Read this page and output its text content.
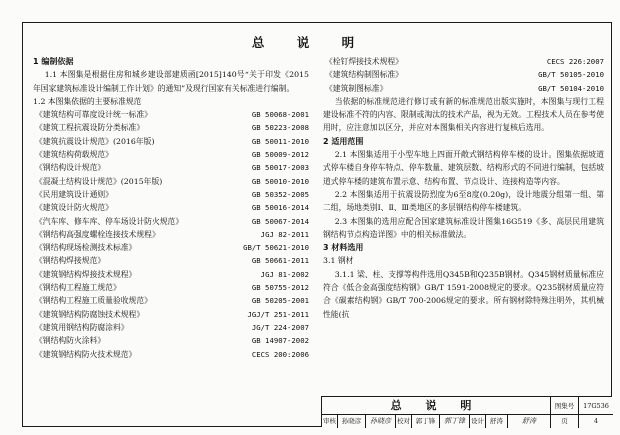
总 说 明
1 编制依据
1.1 本图集是根据住房和城乡建设部建质函[2015]140号“关于印发《2015年国家建筑标准设计编制工作计划》的通知”及现行国家有关标准进行编制。
1.2 本图集依据的主要标准规范
《建筑结构可靠度设计统一标准》	GB 50068-2001
《建筑工程抗震设防分类标准》	GB 50223-2008
《建筑抗震设计规范》(2016年版)	GB 50011-2010
《建筑结构荷载规范》	GB 50009-2012
《钢结构设计规范》	GB 50017-2003
《混凝土结构设计规范》(2015年版)	GB 50010-2010
《民用建筑设计通则》	GB 50352-2005
《建筑设计防火规范》	GB 50016-2014
《汽车库、修车库、停车场设计防火规范》	GB 50067-2014
《钢结构高强度螺栓连接技术规程》	JGJ 82-2011
《钢结构现场检测技术标准》	GB/T 50621-2010
《钢结构焊接规范》	GB 50661-2011
《建筑钢结构焊接技术规程》	JGJ 81-2002
《钢结构工程施工规范》	GB 50755-2012
《钢结构工程施工质量验收规范》	GB 50205-2001
《建筑钢结构防腐蚀技术规程》	JGJ/T 251-2011
《建筑用钢结构防腐涂料》	JG/T 224-2007
《钢结构防火涂料》	GB 14907-2002
《建筑钢结构防火技术规范》	CECS 200:2006
《栓钉焊接技术规程》	CECS 226:2007
《建筑结构制图标准》	GB/T 50105-2010
《建筑制图标准》	GB/T 50104-2010
当依据的标准规范进行修订或有新的标准规范出版实施时，本图集与现行工程建设标准不符的内容、限制或淘汰的技术产品，视为无效。工程技术人员在参考使用时，应注意加以区分，并应对本图集相关内容进行复核后选用。
2 适用范围
2.1 本图集适用于小型车地上四面开敞式钢结构停车楼的设计。图集依据坡道式停车楼自身停车特点、停车数量、建筑层数、结构形式的不同进行编制，包括坡道式停车楼的建筑布置示意、结构布置、节点设计、连接构造等内容。
2.2 本图集适用于抗震设防烈度为6至8度(0.20g)，设计地震分组第一组、第二组，场地类别Ⅰ、Ⅱ、Ⅲ类地区的多层钢结构停车楼建筑。
2.3 本图集的选用应配合国家建筑标准设计图集16G519《多、高层民用建筑钢结构节点构造详图》中的相关标准做法。
3 材料选用
3.1 钢材
3.1.1 梁、柱、支撑等构件选用Q345B和Q235B钢材。Q345钢材质量标准应符合《低合金高强度结构钢》GB/T 1591-2008规定的要求。Q235钢材质量应符合《碳素结构钢》GB/T 700-2006规定的要求。所有钢材除特殊注明外，其机械性能(抗
总 说 明	图集号	17G536
审核 孙晓彦	孙晓彦 校对 郭丁锋	郭丁锋 设计 舒涛	舒涛	页	4
